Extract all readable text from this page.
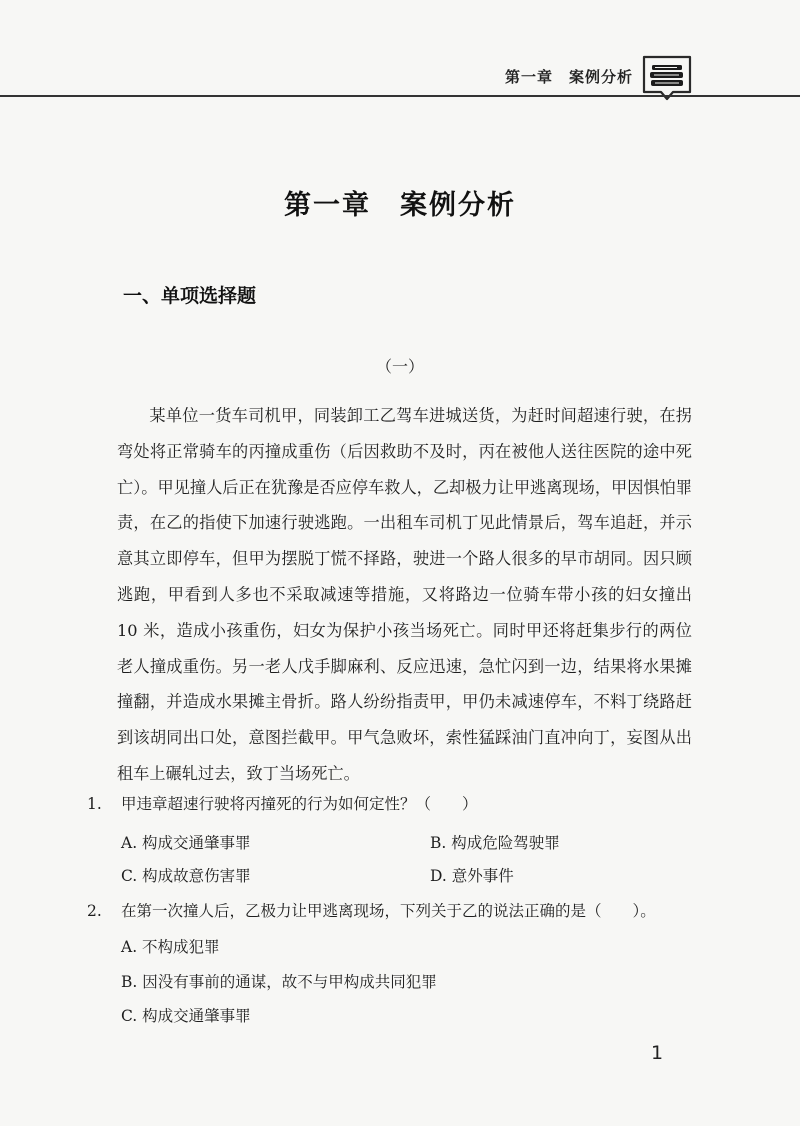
第一章　案例分析
第一章　案例分析
一、单项选择题
（一）

某单位一货车司机甲，同装卸工乙驾车进城送货，为赶时间超速行驶，在拐弯处将正常骑车的丙撞成重伤（后因救助不及时，丙在被他人送往医院的途中死亡）。甲见撞人后正在犹豫是否应停车救人，乙却极力让甲逃离现场，甲因惧怕罪责，在乙的指使下加速行驶逃跑。一出租车司机丁见此情景后，驾车追赶，并示意其立即停车，但甲为摆脱丁慌不择路，驶进一个路人很多的早市胡同。因只顾逃跑，甲看到人多也不采取减速等措施，又将路边一位骑车带小孩的妇女撞出 10 米，造成小孩重伤，妇女为保护小孩当场死亡。同时甲还将赶集步行的两位老人撞成重伤。另一老人戊手脚麻利、反应迅速，急忙闪到一边，结果将水果摊撞翻，并造成水果摊主骨折。路人纷纷指责甲，甲仍未减速停车，不料丁绕路赶到该胡同出口处，意图拦截甲。甲气急败坏，索性猛踩油门直冲向丁，妄图从出租车上碾轧过去，致丁当场死亡。

1. 甲违章超速行驶将丙撞死的行为如何定性？（　　）
A. 构成交通肇事罪	B. 构成危险驾驶罪
C. 构成故意伤害罪	D. 意外事件
2. 在第一次撞人后，乙极力让甲逃离现场，下列关于乙的说法正确的是（　　）。
A. 不构成犯罪
B. 因没有事前的通谋，故不与甲构成共同犯罪
C. 构成交通肇事罪
1
